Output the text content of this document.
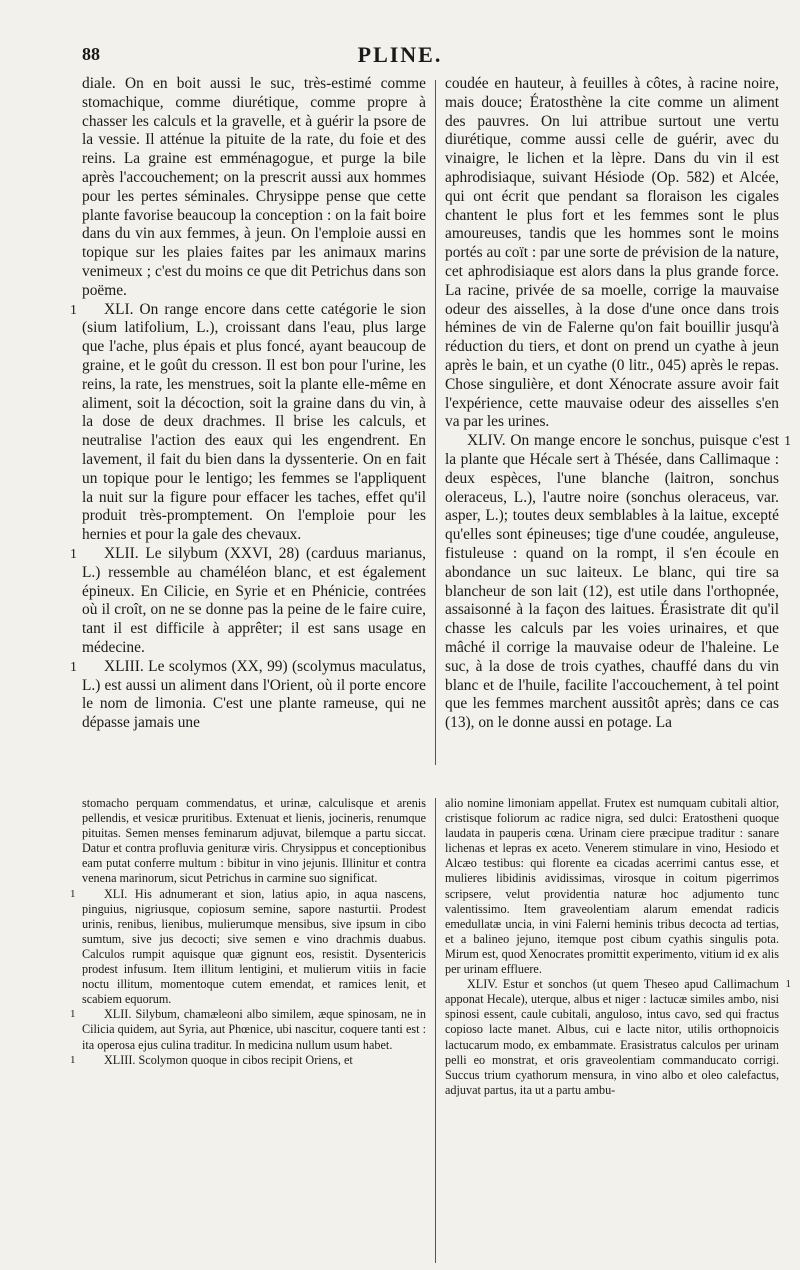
88	PLINE.

diale. On en boit aussi le suc, très-estimé comme stomachique, comme diurétique, comme propre à chasser les calculs et la gravelle, et à guérir la psore de la vessie. Il atténue la pituite de la rate, du foie et des reins. La graine est emménagogue, et purge la bile après l'accouchement; on la prescrit aussi aux hommes pour les pertes séminales. Chrysippe pense que cette plante favorise beaucoup la conception : on la fait boire dans du vin aux femmes, à jeun. On l'emploie aussi en topique sur les plaies faites par les animaux marins venimeux ; c'est du moins ce que dit Petrichus dans son poëme.

1 XLI. On range encore dans cette catégorie le sion (sium latifolium, L.), croissant dans l'eau, plus large que l'ache, plus épais et plus foncé, ayant beaucoup de graine, et le goût du cresson. Il est bon pour l'urine, les reins, la rate, les menstrues, soit la plante elle-même en aliment, soit la décoction, soit la graine dans du vin, à la dose de deux drachmes. Il brise les calculs, et neutralise l'action des eaux qui les engendrent. En lavement, il fait du bien dans la dyssenterie. On en fait un topique pour le lentigo; les femmes se l'appliquent la nuit sur la figure pour effacer les taches, effet qu'il produit très-promptement. On l'emploie pour les hernies et pour la gale des chevaux.

1 XLII. Le silybum (XXVI, 28) (carduus marianus, L.) ressemble au chaméléon blanc, et est également épineux. En Cilicie, en Syrie et en Phénicie, contrées où il croît, on ne se donne pas la peine de le faire cuire, tant il est difficile à apprêter; il est sans usage en médecine.

1 XLIII. Le scolymos (XX, 99) (scolymus maculatus, L.) est aussi un aliment dans l'Orient, où il porte encore le nom de limonia. C'est une plante rameuse, qui ne dépasse jamais une

coudée en hauteur, à feuilles à côtes, à racine noire, mais douce; Ératosthène la cite comme un aliment des pauvres. On lui attribue surtout une vertu diurétique, comme aussi celle de guérir, avec du vinaigre, le lichen et la lèpre. Dans du vin il est aphrodisiaque, suivant Hésiode (Op. 582) et Alcée, qui ont écrit que pendant sa floraison les cigales chantent le plus fort et les femmes sont le plus amoureuses, tandis que les hommes sont le moins portés au coït : par une sorte de prévision de la nature, cet aphrodisiaque est alors dans la plus grande force. La racine, privée de sa moelle, corrige la mauvaise odeur des aisselles, à la dose d'une once dans trois hémines de vin de Falerne qu'on fait bouillir jusqu'à réduction du tiers, et dont on prend un cyathe à jeun après le bain, et un cyathe (0 litr., 045) après le repas. Chose singulière, et dont Xénocrate assure avoir fait l'expérience, cette mauvaise odeur des aisselles s'en va par les urines.

1
XLIV. On mange encore le sonchus, puisque c'est la plante que Hécale sert à Thésée, dans Callimaque : deux espèces, l'une blanche (laitron, sonchus oleraceus, L.), l'autre noire (sonchus oleraceus, var. asper, L.); toutes deux semblables à la laitue, excepté qu'elles sont épineuses; tige d'une coudée, anguleuse, fistuleuse : quand on la rompt, il s'en écoule en abondance un suc laiteux. Le blanc, qui tire sa blancheur de son lait (12), est utile dans l'orthopnée, assaisonné à la façon des laitues. Érasistrate dit qu'il chasse les calculs par les voies urinaires, et que mâché il corrige la mauvaise odeur de l'haleine. Le suc, à la dose de trois cyathes, chauffé dans du vin blanc et de l'huile, facilite l'accouchement, à tel point que les femmes marchent aussitôt après; dans ce cas (13), on le donne aussi en potage. La

stomacho perquam commendatus, et urinæ, calculisque et arenis pellendis, et vesicæ pruritibus. Extenuat et lienis, jocineris, renumque pituitas. Semen menses feminarum adjuvat, bilemque a partu siccat. Datur et contra profluvia genituræ viris. Chrysippus et conceptionibus eam putat conferre multum : bibitur in vino jejunis. Illinitur et contra venena marinorum, sicut Petrichus in carmine suo significat.

1 XLI. His adnumerant et sion, latius apio, in aqua nascens, pinguius, nigriusque, copiosum semine, sapore nasturtii. Prodest urinis, renibus, lienibus, mulierumque mensibus, sive ipsum in cibo sumtum, sive jus decocti; sive semen e vino drachmis duabus. Calculos rumpit aquisque quæ gignunt eos, resistit. Dysentericis prodest infusum. Item illitum lentigini, et mulierum vitiis in facie noctu illitum, momentoque cutem emendat, et ramices lenit, et scabiem equorum.

1 XLII. Silybum, chamæleoni albo similem, æque spinosam, ne in Cilicia quidem, aut Syria, aut Phœnice, ubi nascitur, coquere tanti est : ita operosa ejus culina traditur. In medicina nullum usum habet.

1 XLIII. Scolymon quoque in cibos recipit Oriens, et

alio nomine limoniam appellat. Frutex est numquam cubitali altior, cristisque foliorum ac radice nigra, sed dulci: Eratostheni quoque laudata in pauperis cœna. Urinam ciere præcipue traditur : sanare lichenas et lepras ex aceto. Venerem stimulare in vino, Hesiodo et Alcæo testibus: qui florente ea cicadas acerrimi cantus esse, et mulieres libidinis avidissimas, virosque in coitum pigerrimos scripsere, velut providentia naturæ hoc adjumento tunc valentissimo. Item graveolentiam alarum emendat radicis emedullatæ uncia, in vini Falerni heminis tribus decocta ad tertias, et a balineo jejuno, itemque post cibum cyathis singulis pota. Mirum est, quod Xenocrates promittit experimento, vitium id ex alis per urinam effluere.

1
XLIV. Estur et sonchos (ut quem Theseo apud Callimachum apponat Hecale), uterque, albus et niger : lactucæ similes ambo, nisi spinosi essent, caule cubitali, anguloso, intus cavo, sed qui fractus copioso lacte manet. Albus, cui e lacte nitor, utilis orthopnoicis lactucarum modo, ex embammate. Erasistratus calculos per urinam pelli eo monstrat, et oris graveolentiam commanducato corrigi. Succus trium cyathorum mensura, in vino albo et oleo calefactus, adjuvat partus, ita ut a partu ambu-
